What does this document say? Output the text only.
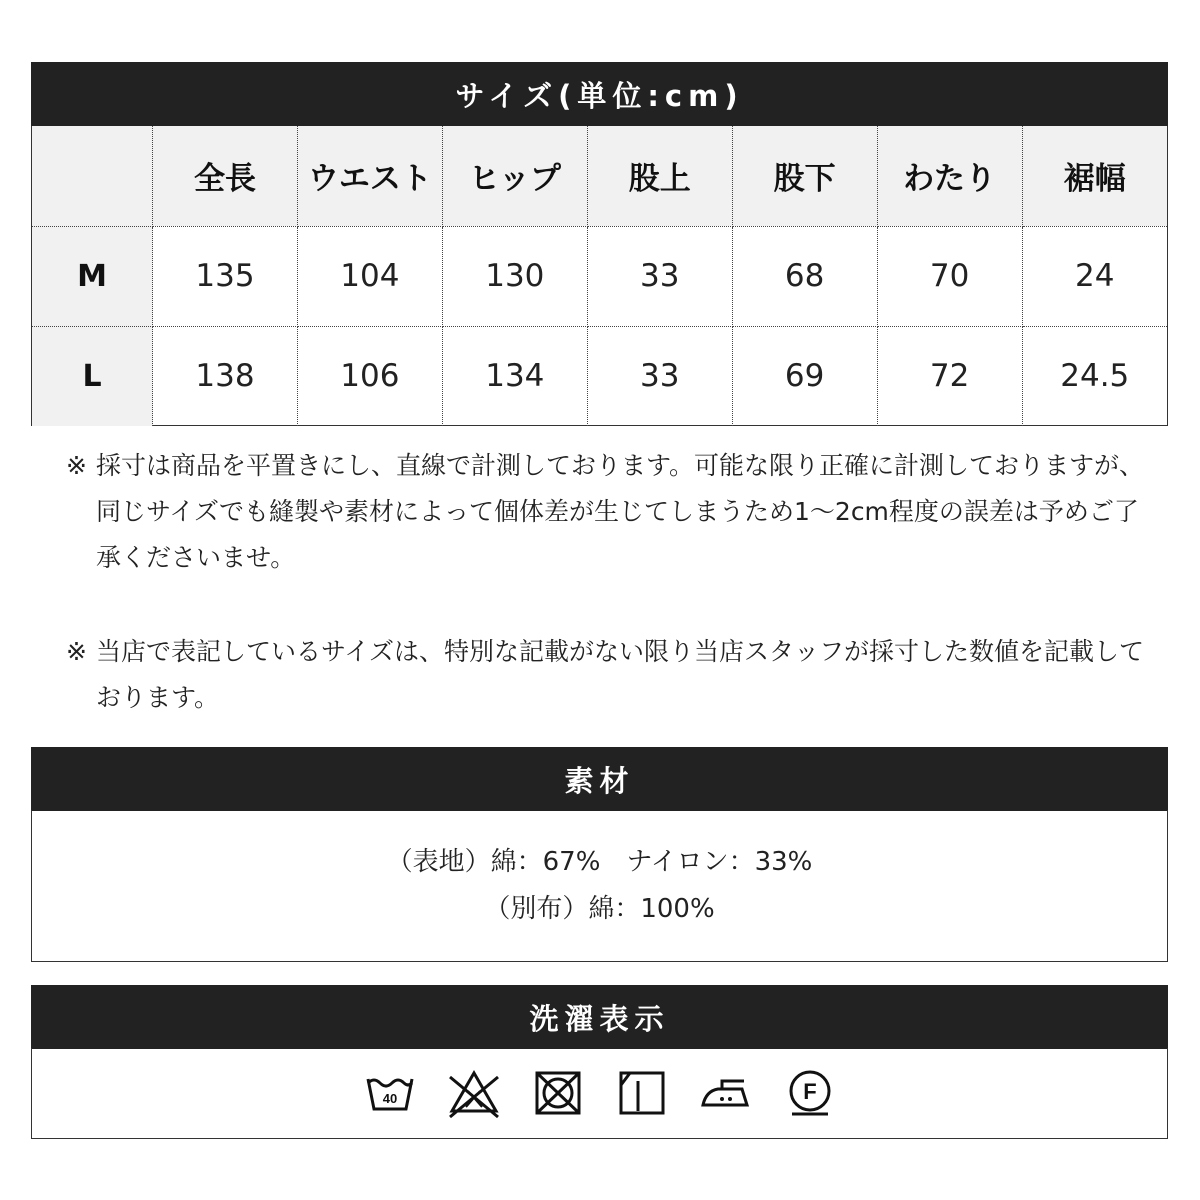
サイズ(単位:cm)
	全長	ウエスト	ヒップ	股上	股下	わたり	裾幅
M	135	104	130	33	68	70	24
L	138	106	134	33	69	72	24.5
※ 採寸は商品を平置きにし、直線で計測しております。可能な限り正確に計測しておりますが、同じサイズでも縫製や素材によって個体差が生じてしまうため1〜2cm程度の誤差は予めご了承くださいませ。
※ 当店で表記しているサイズは、特別な記載がない限り当店スタッフが採寸した数値を記載しております。
素材
（表地）綿：67%　ナイロン：33%
（別布）綿：100%
洗濯表示
40	F
